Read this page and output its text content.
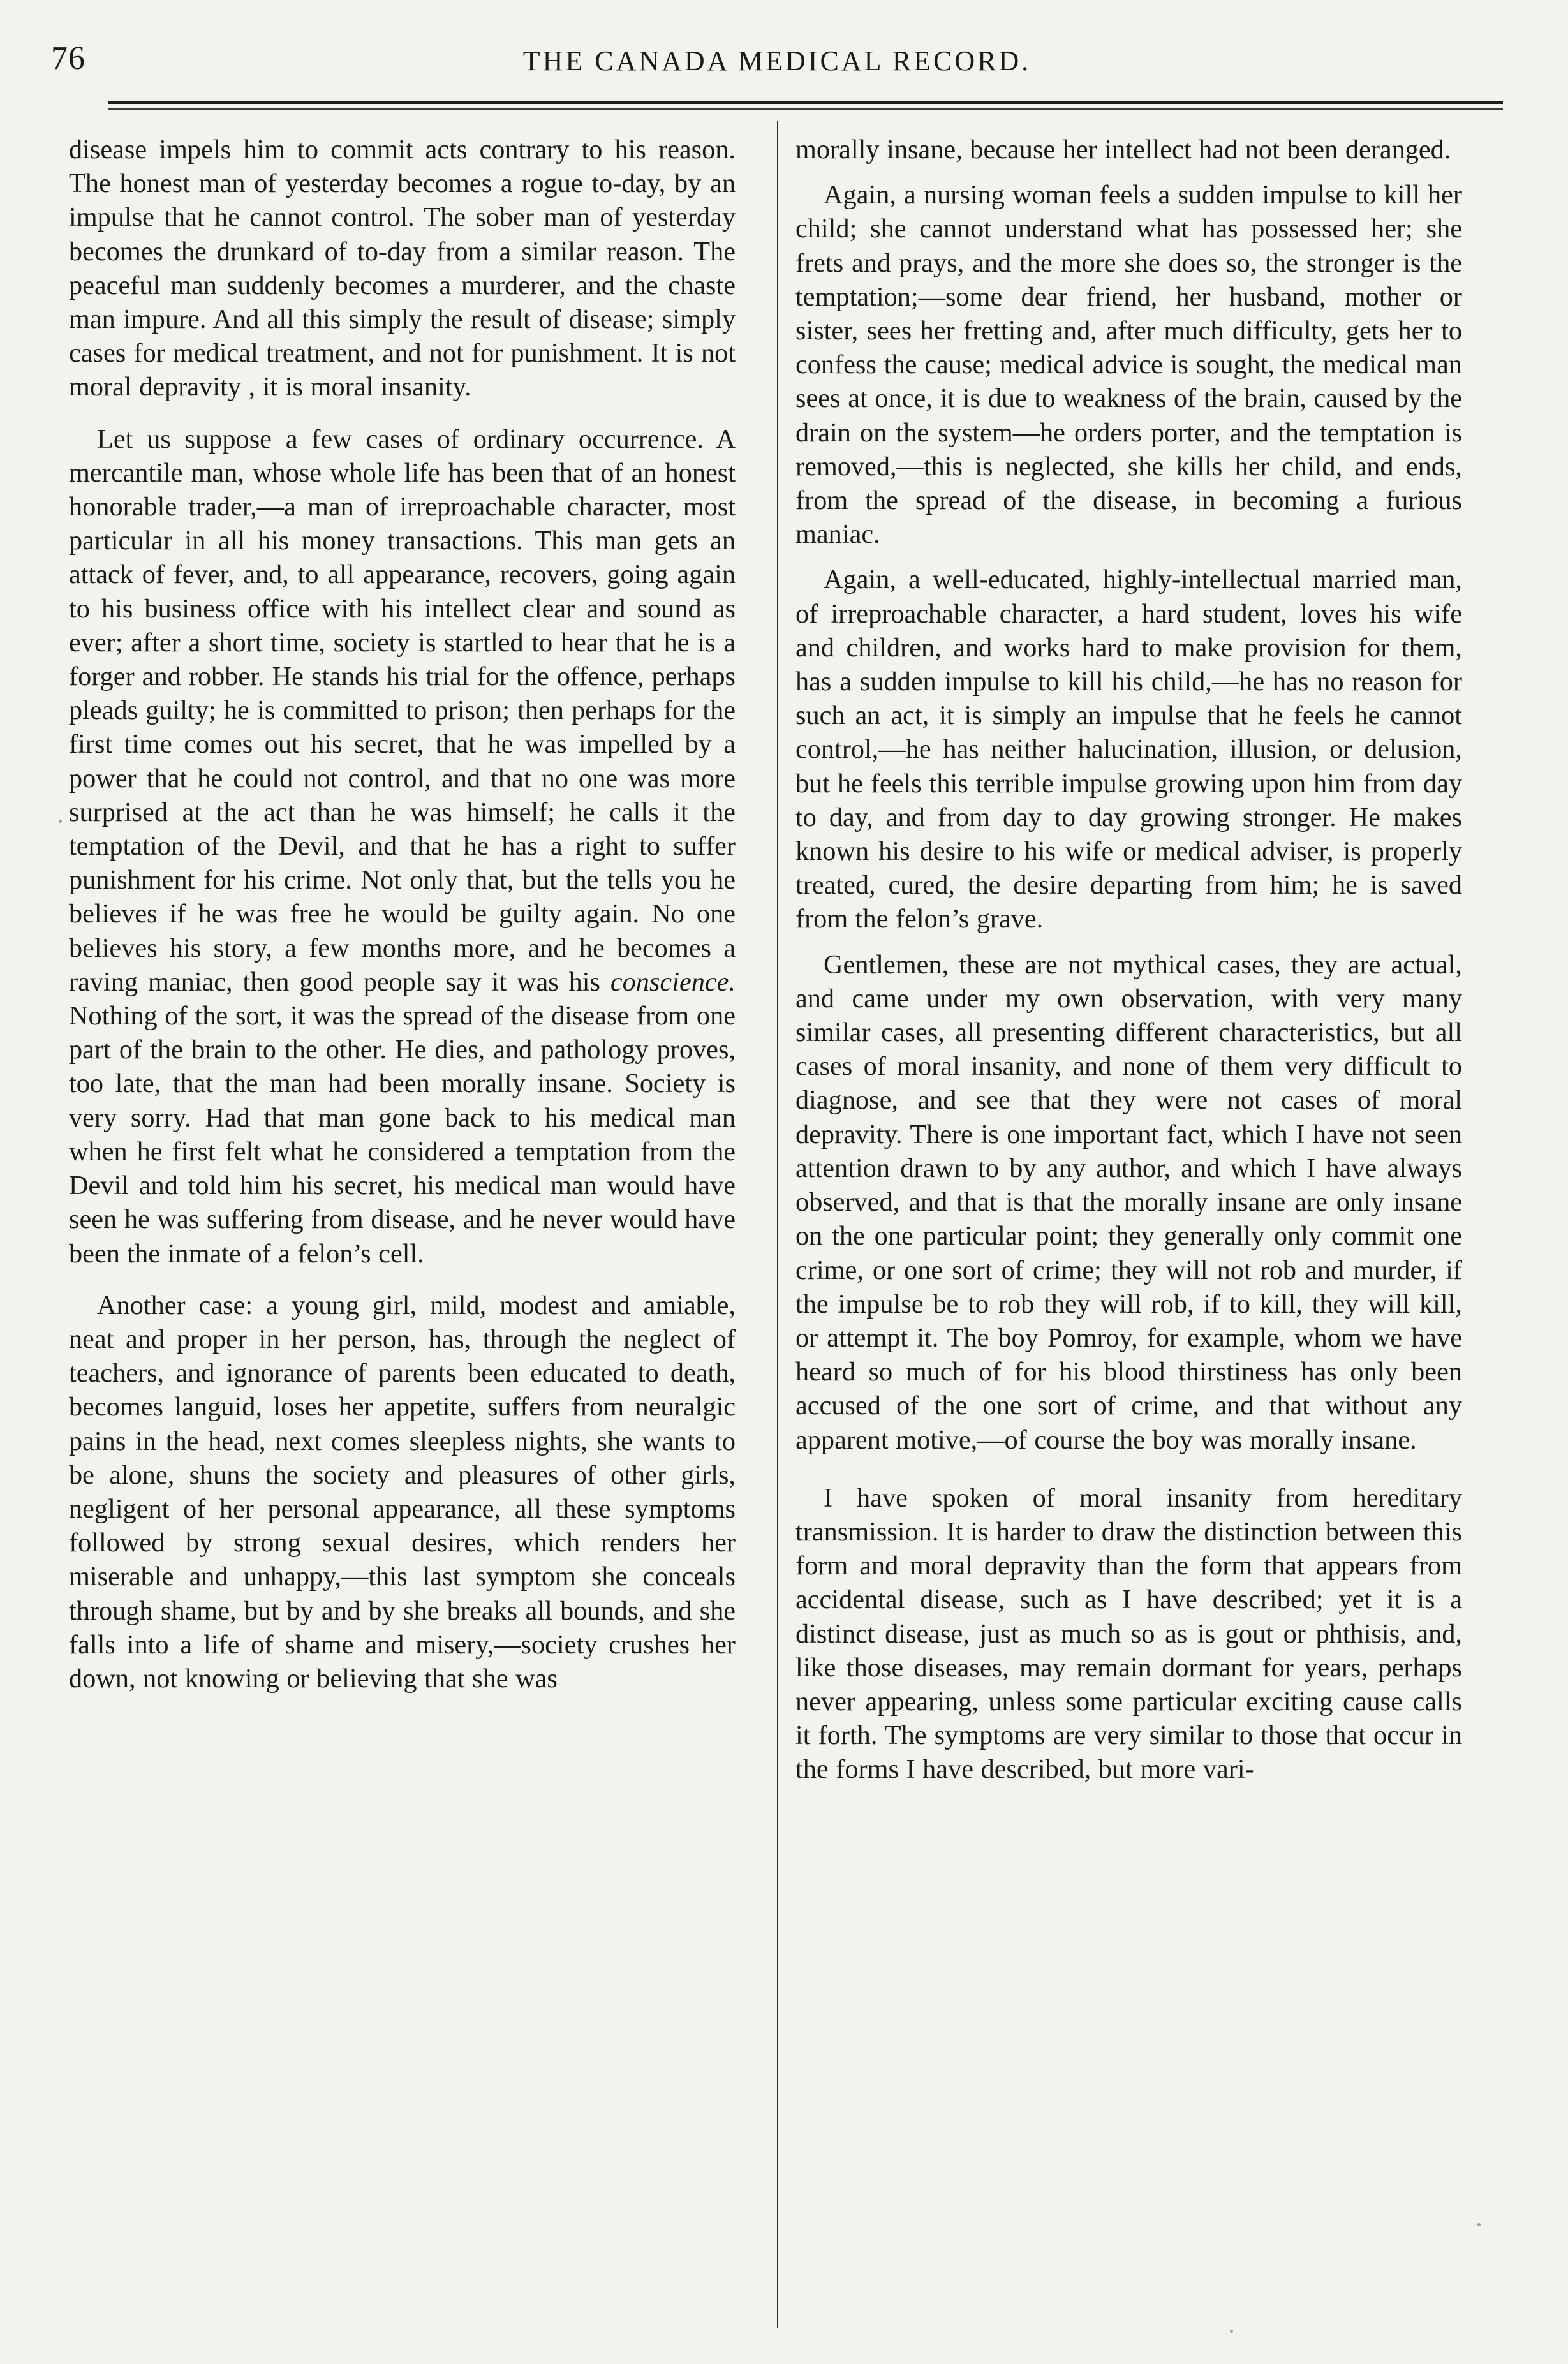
76	THE CANADA MEDICAL RECORD.

disease impels him to commit acts contrary to his reason. The honest man of yesterday becomes a rogue to-day, by an impulse that he cannot control. The sober man of yesterday becomes the drunkard of to-day from a similar reason. The peaceful man suddenly becomes a murderer, and the chaste man impure. And all this simply the result of disease; simply cases for medical treatment, and not for punishment. It is not moral depravity , it is moral insanity.

Let us suppose a few cases of ordinary occurrence. A mercantile man, whose whole life has been that of an honest honorable trader,—a man of irreproachable character, most particular in all his money transactions. This man gets an attack of fever, and, to all appearance, recovers, going again to his business office with his intellect clear and sound as ever; after a short time, society is startled to hear that he is a forger and robber. He stands his trial for the offence, perhaps pleads guilty; he is committed to prison; then perhaps for the first time comes out his secret, that he was impelled by a power that he could not control, and that no one was more surprised at the act than he was himself; he calls it the temptation of the Devil, and that he has a right to suffer punishment for his crime. Not only that, but the tells you he believes if he was free he would be guilty again. No one believes his story, a few months more, and he becomes a raving maniac, then good people say it was his conscience. Nothing of the sort, it was the spread of the disease from one part of the brain to the other. He dies, and pathology proves, too late, that the man had been morally insane. Society is very sorry. Had that man gone back to his medical man when he first felt what he considered a temptation from the Devil and told him his secret, his medical man would have seen he was suffering from disease, and he never would have been the inmate of a felon’s cell.

Another case: a young girl, mild, modest and amiable, neat and proper in her person, has, through the neglect of teachers, and ignorance of parents been educated to death, becomes languid, loses her appetite, suffers from neuralgic pains in the head, next comes sleepless nights, she wants to be alone, shuns the society and pleasures of other girls, negligent of her personal appearance, all these symptoms followed by strong sexual desires, which renders her miserable and unhappy,—this last symptom she conceals through shame, but by and by she breaks all bounds, and she falls into a life of shame and misery,—society crushes her down, not knowing or believing that she was

morally insane, because her intellect had not been deranged.

Again, a nursing woman feels a sudden impulse to kill her child; she cannot understand what has possessed her; she frets and prays, and the more she does so, the stronger is the temptation;—some dear friend, her husband, mother or sister, sees her fretting and, after much difficulty, gets her to confess the cause; medical advice is sought, the medical man sees at once, it is due to weakness of the brain, caused by the drain on the system—he orders porter, and the temptation is removed,—this is neglected, she kills her child, and ends, from the spread of the disease, in becoming a furious maniac.

Again, a well-educated, highly-intellectual married man, of irreproachable character, a hard student, loves his wife and children, and works hard to make provision for them, has a sudden impulse to kill his child,—he has no reason for such an act, it is simply an impulse that he feels he cannot control,—he has neither halucination, illusion, or delusion, but he feels this terrible impulse growing upon him from day to day, and from day to day growing stronger. He makes known his desire to his wife or medical adviser, is properly treated, cured, the desire departing from him; he is saved from the felon’s grave.

Gentlemen, these are not mythical cases, they are actual, and came under my own observation, with very many similar cases, all presenting different characteristics, but all cases of moral insanity, and none of them very difficult to diagnose, and see that they were not cases of moral depravity. There is one important fact, which I have not seen attention drawn to by any author, and which I have always observed, and that is that the morally insane are only insane on the one particular point; they generally only commit one crime, or one sort of crime; they will not rob and murder, if the impulse be to rob they will rob, if to kill, they will kill, or attempt it. The boy Pomroy, for example, whom we have heard so much of for his blood thirstiness has only been accused of the one sort of crime, and that without any apparent motive,—of course the boy was morally insane.

I have spoken of moral insanity from hereditary transmission. It is harder to draw the distinction between this form and moral depravity than the form that appears from accidental disease, such as I have described; yet it is a distinct disease, just as much so as is gout or phthisis, and, like those diseases, may remain dormant for years, perhaps never appearing, unless some particular exciting cause calls it forth. The symptoms are very similar to those that occur in the forms I have described, but more vari-
